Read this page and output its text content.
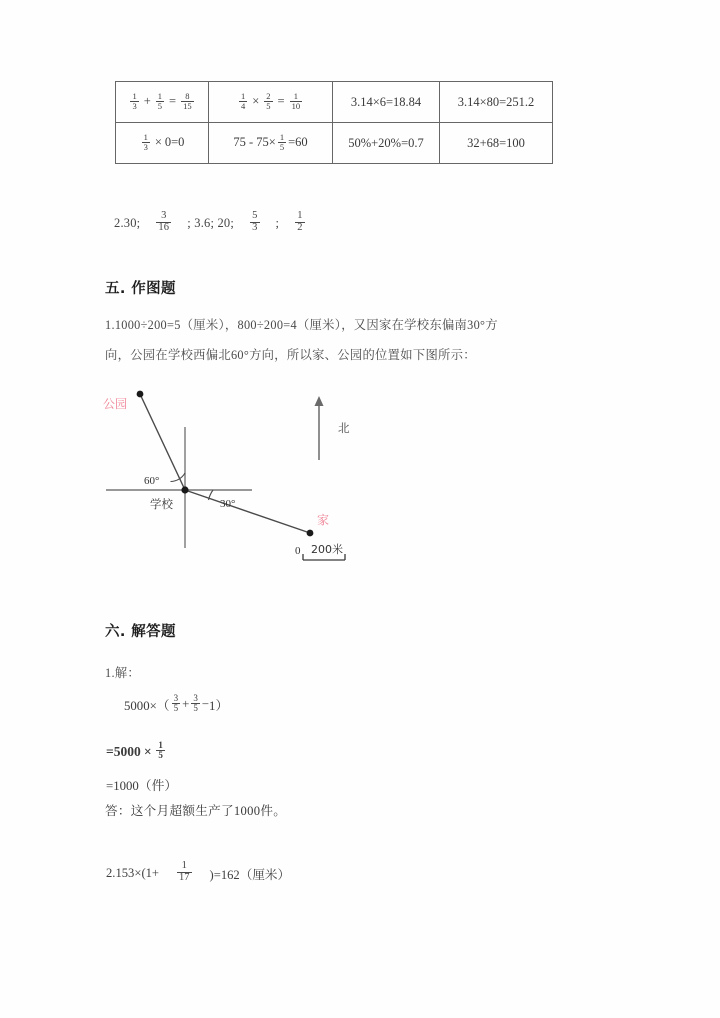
$\frac{1}{3} + \frac{1}{5} = \frac{8}{15}$	$\frac{1}{4} \times \frac{2}{5} = \frac{1}{10}$	3.14×6=18.84	3.14×80=251.2

$\frac{1}{3} \times 0=0$	$75 - 75\times \frac{1}{5} =60$	50%+20%=0.7	32+68=100
2.30; $\frac{3}{16}$ ; 3.6; 20; $\frac{5}{3}$ ; $\frac{1}{2}$
五. 作图题
1.1000÷200=5（厘米），800÷200=4（厘米），又因家在学校东偏南30°方
向，公园在学校西偏北60°方向，所以家、公园的位置如下图所示：
公园
学校
家
北
60°
30°
0 200米
六. 解答题
1.解：
$5000\times( \frac{3}{5} + \frac{3}{5} - 1)$
$=5000 \times \frac{1}{5}$
=1000（件）
答：这个月超额生产了1000件。
$2.153\times(1+ \frac{1}{17} )=162$（厘米）
